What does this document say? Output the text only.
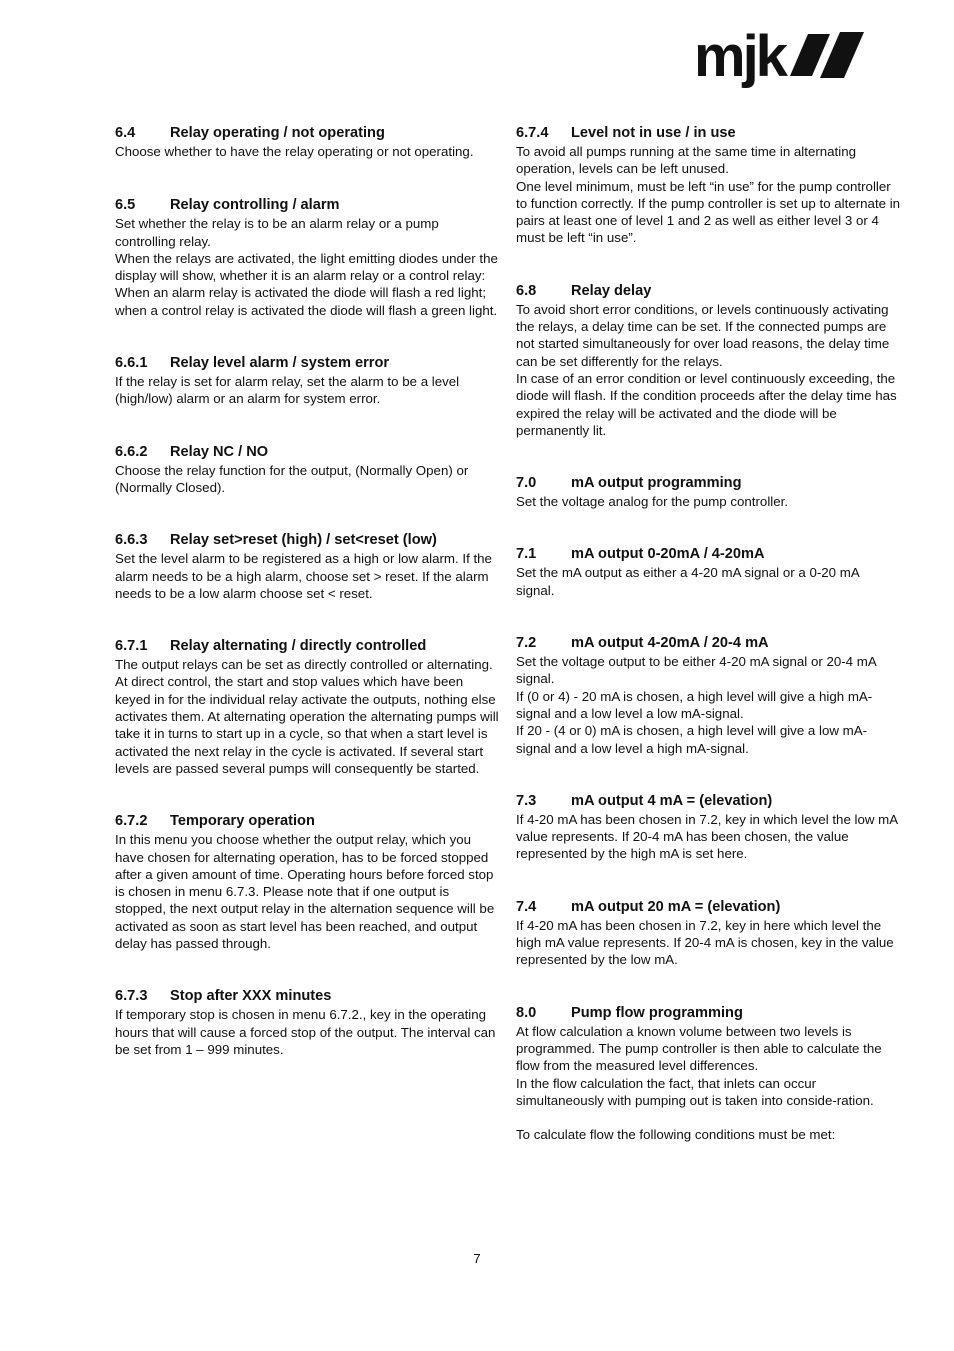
mjk
6.4 Relay operating / not operating

Choose whether to have the relay operating or not operating.

6.5 Relay controlling / alarm

Set whether the relay is to be an alarm relay or a pump controlling relay.

When the relays are activated, the light emitting diodes under the display will show, whether it is an alarm relay or a control relay: When an alarm relay is activated the diode will flash a red light; when a control relay is activated the diode will flash a green light.

6.6.1 Relay level alarm / system error

If the relay is set for alarm relay, set the alarm to be a level (high/low) alarm or an alarm for system error.

6.6.2 Relay NC / NO

Choose the relay function for the output, (Normally Open) or (Normally Closed).

6.6.3 Relay set>reset (high) / set<reset (low)

Set the level alarm to be registered as a high or low alarm. If the alarm needs to be a high alarm, choose set > reset. If the alarm needs to be a low alarm choose set < reset.

6.7.1 Relay alternating / directly controlled

The output relays can be set as directly controlled or alternating. At direct control, the start and stop values which have been keyed in for the individual relay activate the outputs, nothing else activates them. At alternating operation the alternating pumps will take it in turns to start up in a cycle, so that when a start level is activated the next relay in the cycle is activated. If several start levels are passed several pumps will consequently be started.

6.7.2 Temporary operation

In this menu you choose whether the output relay, which you have chosen for alternating operation, has to be forced stopped after a given amount of time. Operating hours before forced stop is chosen in menu 6.7.3. Please note that if one output is stopped, the next output relay in the alternation sequence will be activated as soon as start level has been reached, and output delay has passed through.

6.7.3 Stop after XXX minutes

If temporary stop is chosen in menu 6.7.2., key in the operating hours that will cause a forced stop of the output. The interval can be set from 1 – 999 minutes.

6.7.4 Level not in use / in use

To avoid all pumps running at the same time in alternating operation, levels can be left unused.

One level minimum, must be left “in use” for the pump controller to function correctly. If the pump controller is set up to alternate in pairs at least one of level 1 and 2 as well as either level 3 or 4 must be left “in use”.

6.8 Relay delay

To avoid short error conditions, or levels continuously activating the relays, a delay time can be set. If the connected pumps are not started simultaneously for over load reasons, the delay time can be set differently for the relays.

In case of an error condition or level continuously exceeding, the diode will flash. If the condition proceeds after the delay time has expired the relay will be activated and the diode will be permanently lit.

7.0 mA output programming

Set the voltage analog for the pump controller.

7.1 mA output 0-20mA / 4-20mA

Set the mA output as either a 4-20 mA signal or a 0-20 mA signal.

7.2 mA output 4-20mA / 20-4 mA

Set the voltage output to be either 4-20 mA signal or 20-4 mA signal.

If (0 or 4) - 20 mA is chosen, a high level will give a high mA-signal and a low level a low mA-signal.

If 20 - (4 or 0) mA is chosen, a high level will give a low mA-signal and a low level a high mA-signal.

7.3 mA output 4 mA = (elevation)

If 4-20 mA has been chosen in 7.2, key in which level the low mA value represents. If 20-4 mA has been chosen, the value represented by the high mA is set here.

7.4 mA output 20 mA = (elevation)

If 4-20 mA has been chosen in 7.2, key in here which level the high mA value represents. If 20-4 mA is chosen, key in the value represented by the low mA.

8.0 Pump flow programming

At flow calculation a known volume between two levels is programmed. The pump controller is then able to calculate the flow from the measured level differences.

In the flow calculation the fact, that inlets can occur simultaneously with pumping out is taken into conside-ration.

To calculate flow the following conditions must be met:

7
